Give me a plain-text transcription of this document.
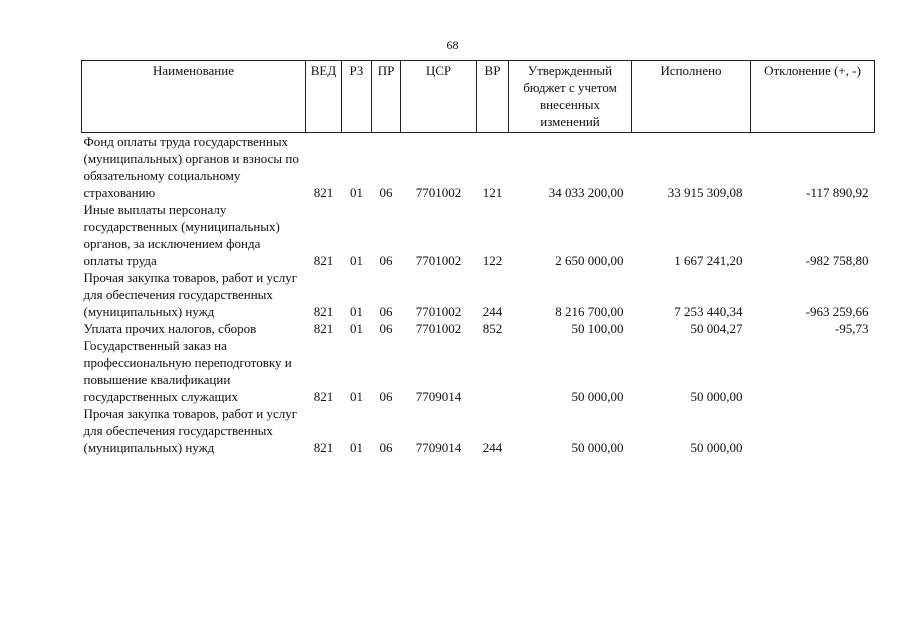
68
Наименование	ВЕД	РЗ	ПР	ЦСР	ВР	Утвержденный бюджет с учетом внесенных изменений	Исполнено	Отклонение (+, -)
Фонд оплаты труда государственных (муниципальных) органов и взносы по обязательному социальному страхованию	821	01	06	7701002	121	34 033 200,00	33 915 309,08	-117 890,92
Иные выплаты персоналу государственных (муниципальных) органов, за исключением фонда оплаты труда	821	01	06	7701002	122	2 650 000,00	1 667 241,20	-982 758,80
Прочая закупка товаров, работ и услуг для обеспечения государственных (муниципальных) нужд	821	01	06	7701002	244	8 216 700,00	7 253 440,34	-963 259,66
Уплата прочих налогов, сборов	821	01	06	7701002	852	50 100,00	50 004,27	-95,73
Государственный заказ на профессиональную переподготовку и повышение квалификации государственных служащих	821	01	06	7709014		50 000,00	50 000,00	
Прочая закупка товаров, работ и услуг для обеспечения государственных (муниципальных) нужд	821	01	06	7709014	244	50 000,00	50 000,00	
